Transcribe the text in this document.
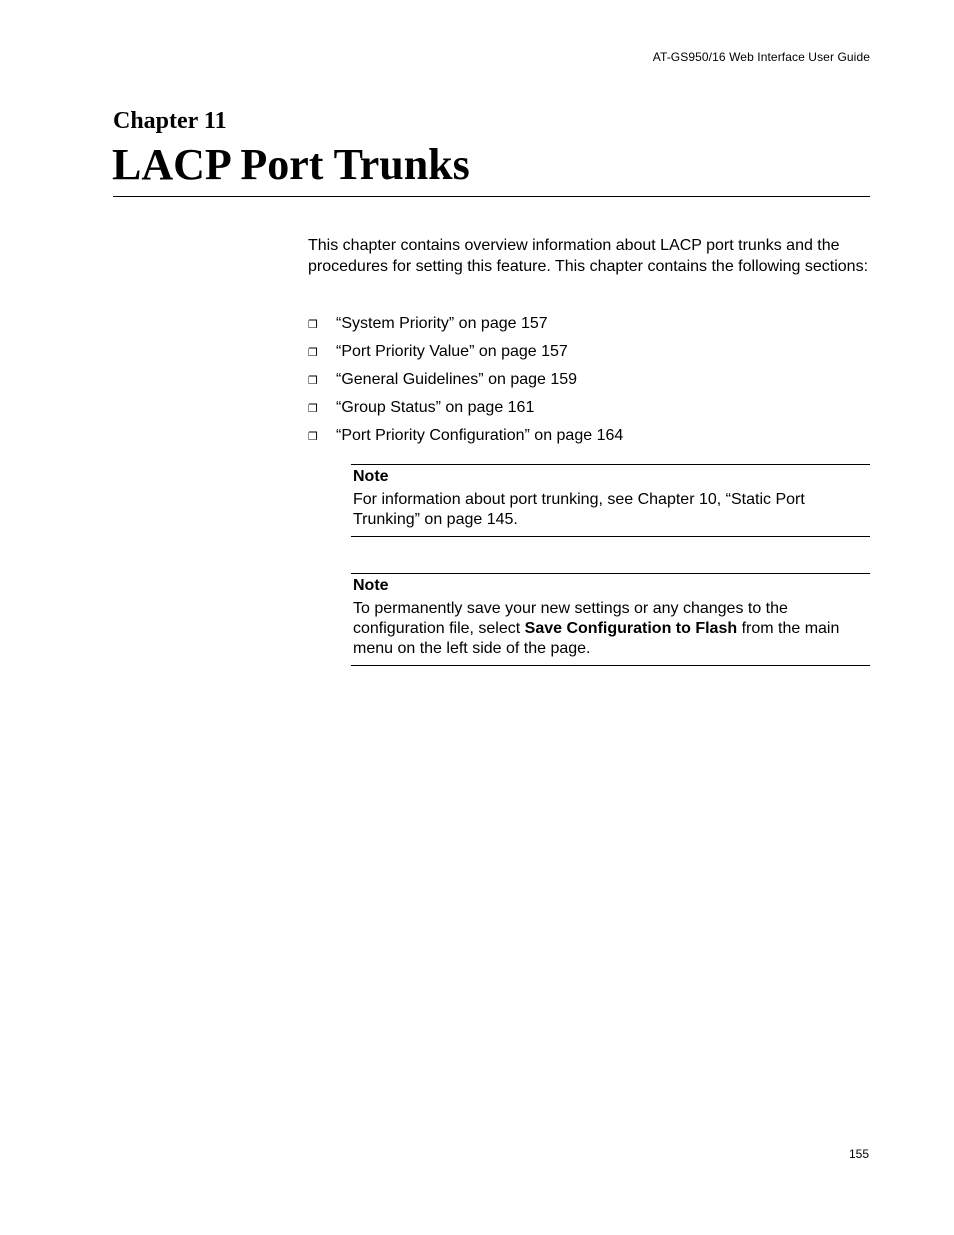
AT-GS950/16 Web Interface User Guide
Chapter 11
LACP Port Trunks

This chapter contains overview information about LACP port trunks and the procedures for setting this feature. This chapter contains the following sections:

❐	“System Priority” on page 157
❐	“Port Priority Value” on page 157
❐	“General Guidelines” on page 159
❐	“Group Status” on page 161
❐	“Port Priority Configuration” on page 164
Note

For information about port trunking, see Chapter 10, “Static Port Trunking” on page 145.

Note

To permanently save your new settings or any changes to the configuration file, select Save Configuration to Flash from the main menu on the left side of the page.

155
